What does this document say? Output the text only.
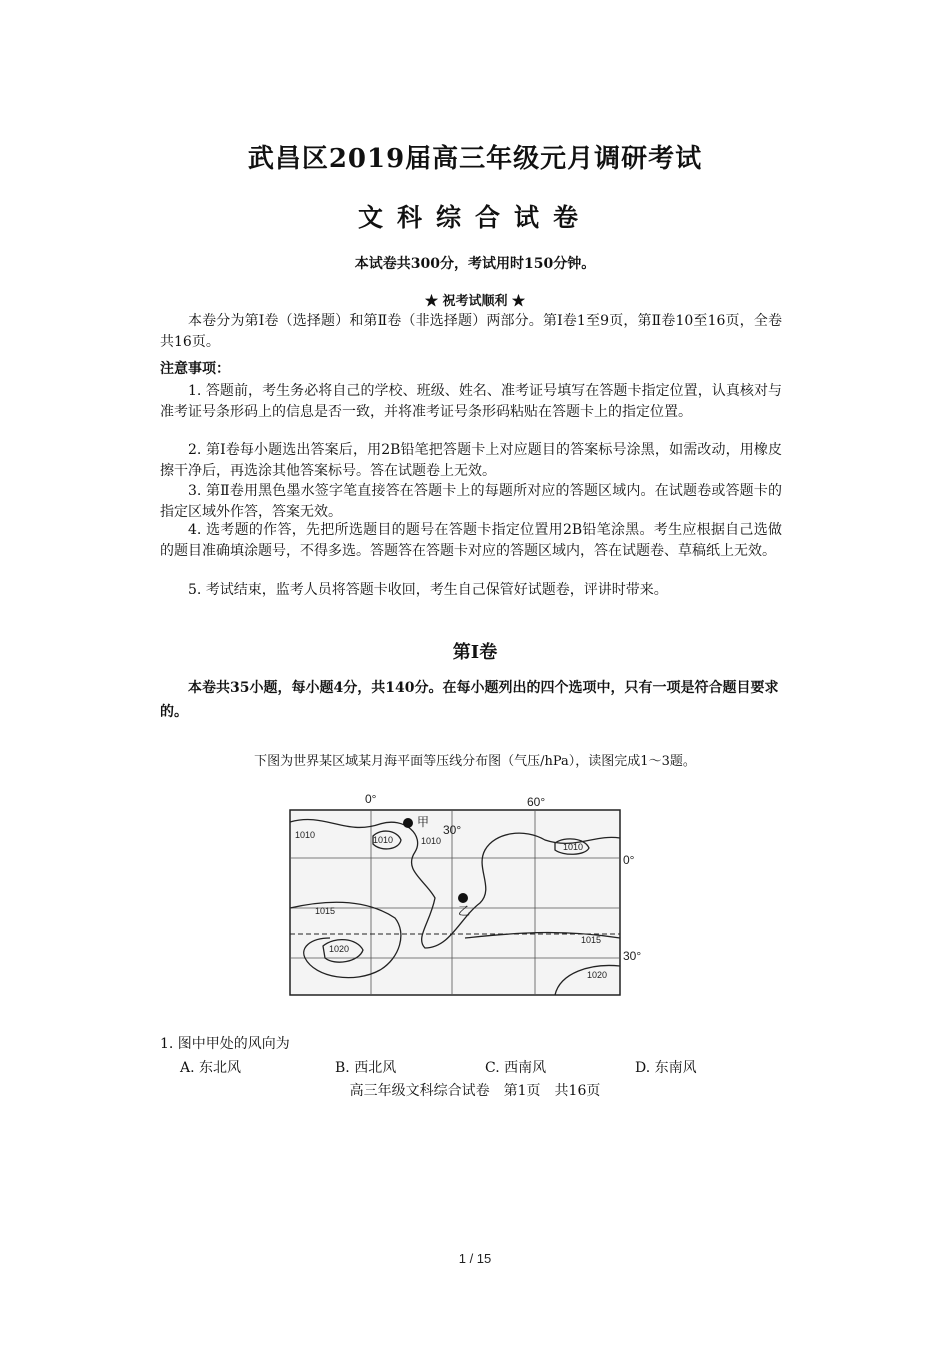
武昌区2019届高三年级元月调研考试
文科综合试卷
本试卷共300分，考试用时150分钟。
★ 祝考试顺利 ★
本卷分为第Ⅰ卷（选择题）和第Ⅱ卷（非选择题）两部分。第Ⅰ卷1至9页，第Ⅱ卷10至16页，全卷共16页。
注意事项：
1. 答题前，考生务必将自己的学校、班级、姓名、准考证号填写在答题卡指定位置，认真核对与准考证号条形码上的信息是否一致，并将准考证号条形码粘贴在答题卡上的指定位置。
2. 第Ⅰ卷每小题选出答案后，用2B铅笔把答题卡上对应题目的答案标号涂黑，如需改动，用橡皮擦干净后，再选涂其他答案标号。答在试题卷上无效。
3. 第Ⅱ卷用黑色墨水签字笔直接答在答题卡上的每题所对应的答题区域内。在试题卷或答题卡的指定区域外作答，答案无效。
4. 选考题的作答，先把所选题目的题号在答题卡指定位置用2B铅笔涂黑。考生应根据自己选做的题目准确填涂题号，不得多选。答题答在答题卡对应的答题区域内，答在试题卷、草稿纸上无效。
5. 考试结束，监考人员将答题卡收回，考生自己保管好试题卷，评讲时带来。
第Ⅰ卷
本卷共35小题，每小题4分，共140分。在每小题列出的四个选项中，只有一项是符合题目要求的。
下图为世界某区域某月海平面等压线分布图（气压/hPa），读图完成1～3题。
0°
30°
60°
0°
30°
1010	1010	1010
1010
1015
1015
1020
1020
甲
乙
1. 图中甲处的风向为
A. 东北风	B. 西北风	C. 西南风	D. 东南风
高三年级文科综合试卷　第1页　共16页
1 / 15
